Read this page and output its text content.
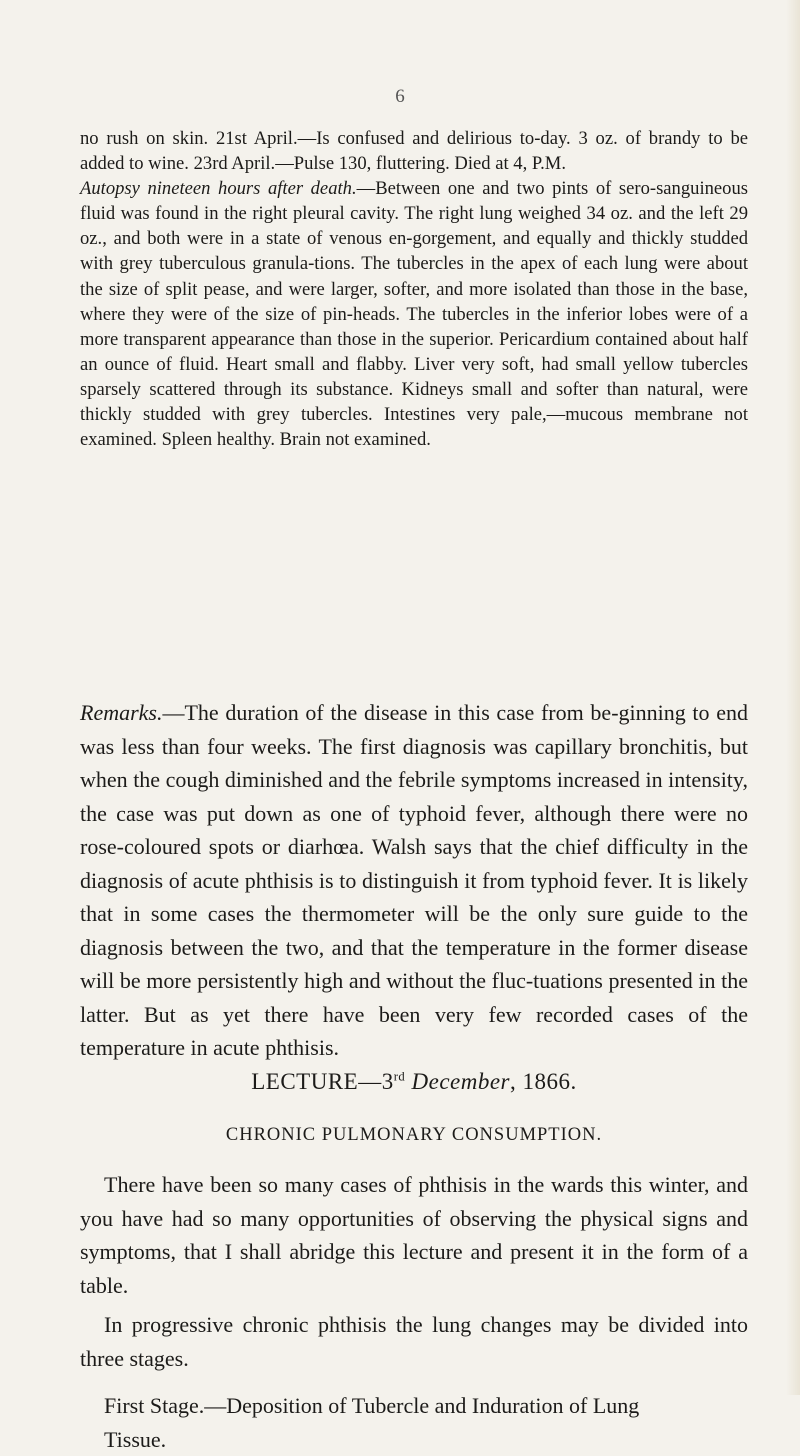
6

no rush on skin. 21st April.—Is confused and delirious to-day. 3 oz. of brandy to be added to wine. 23rd April.—Pulse 130, fluttering. Died at 4, P.M.

Autopsy nineteen hours after death.—Between one and two pints of sero-sanguineous fluid was found in the right pleural cavity. The right lung weighed 34 oz. and the left 29 oz., and both were in a state of venous en-gorgement, and equally and thickly studded with grey tuberculous granula-tions. The tubercles in the apex of each lung were about the size of split pease, and were larger, softer, and more isolated than those in the base, where they were of the size of pin-heads. The tubercles in the inferior lobes were of a more transparent appearance than those in the superior. Pericardium contained about half an ounce of fluid. Heart small and flabby. Liver very soft, had small yellow tubercles sparsely scattered through its substance. Kidneys small and softer than natural, were thickly studded with grey tubercles. Intestines very pale,—mucous membrane not examined. Spleen healthy. Brain not examined.

Remarks.—The duration of the disease in this case from be-ginning to end was less than four weeks. The first diagnosis was capillary bronchitis, but when the cough diminished and the febrile symptoms increased in intensity, the case was put down as one of typhoid fever, although there were no rose-coloured spots or diarhœa. Walsh says that the chief difficulty in the diagnosis of acute phthisis is to distinguish it from typhoid fever. It is likely that in some cases the thermometer will be the only sure guide to the diagnosis between the two, and that the temperature in the former disease will be more persistently high and without the fluc-tuations presented in the latter. But as yet there have been very few recorded cases of the temperature in acute phthisis.

LECTURE—3rd December, 1866.
CHRONIC PULMONARY CONSUMPTION.

There have been so many cases of phthisis in the wards this winter, and you have had so many opportunities of observing the physical signs and symptoms, that I shall abridge this lecture and present it in the form of a table.

In progressive chronic phthisis the lung changes may be divided into three stages.

First Stage.—Deposition of Tubercle and Induration of Lung
Tissue.
